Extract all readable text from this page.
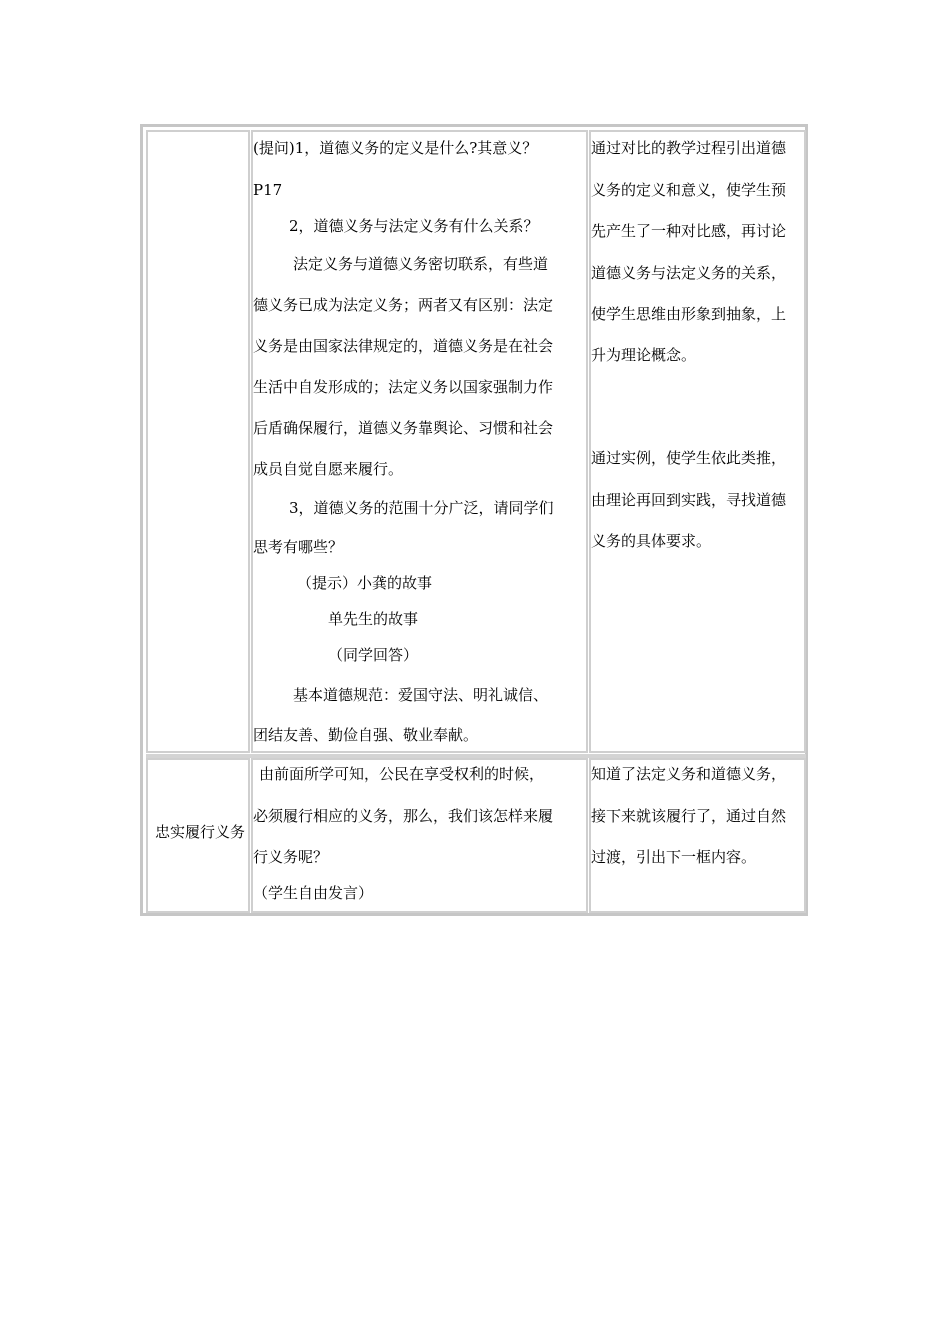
(提问)1，道德义务的定义是什么?其意义？
P17
2，道德义务与法定义务有什么关系？
法定义务与道德义务密切联系，有些道
德义务已成为法定义务；两者又有区别：法定
义务是由国家法律规定的，道德义务是在社会
生活中自发形成的；法定义务以国家强制力作
后盾确保履行，道德义务靠舆论、习惯和社会
成员自觉自愿来履行。
3，道德义务的范围十分广泛，请同学们
思考有哪些？
（提示）小龚的故事
单先生的故事
（同学回答）
基本道德规范：爱国守法、明礼诚信、
团结友善、勤俭自强、敬业奉献。
通过对比的教学过程引出道德
义务的定义和意义，使学生预
先产生了一种对比感，再讨论
道德义务与法定义务的关系，
使学生思维由形象到抽象，上
升为理论概念。
通过实例，使学生依此类推，
由理论再回到实践，寻找道德
义务的具体要求。
忠实履行义务
由前面所学可知，公民在享受权利的时候，
必须履行相应的义务，那么，我们该怎样来履
行义务呢？
（学生自由发言）
知道了法定义务和道德义务，
接下来就该履行了，通过自然
过渡，引出下一框内容。
